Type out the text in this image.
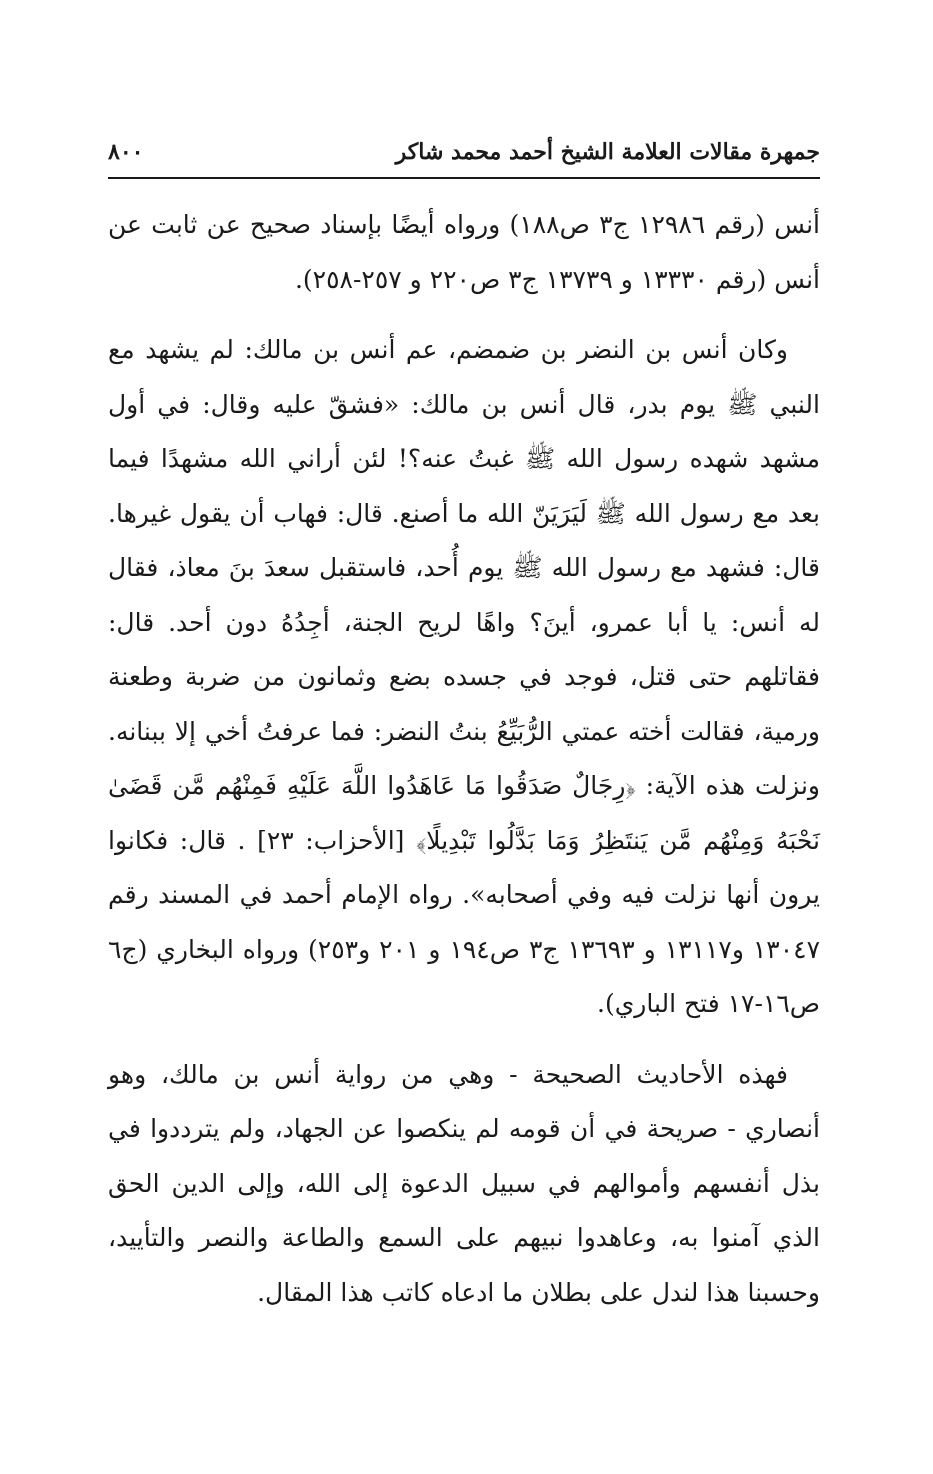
جمهرة مقالات العلامة الشيخ أحمد محمد شاكر
٨٠٠

أنس (رقم ١٢٩٨٦ ج٣ ص١٨٨) ورواه أيضًا بإسناد صحيح عن ثابت عن أنس (رقم ١٣٣٣٠ و ١٣٧٣٩ ج٣ ص٢٢٠ و ٢٥٧-٢٥٨).

وكان أنس بن النضر بن ضمضم، عم أنس بن مالك: لم يشهد مع النبي ﷺ يوم بدر، قال أنس بن مالك: «فشقّ عليه وقال: في أول مشهد شهده رسول الله ﷺ غبتُ عنه؟! لئن أراني الله مشهدًا فيما بعد مع رسول الله ﷺ لَيَرَيَنّ الله ما أصنع. قال: فهاب أن يقول غيرها. قال: فشهد مع رسول الله ﷺ يوم أُحد، فاستقبل سعدَ بنَ معاذ، فقال له أنس: يا أبا عمرو، أينَ؟ واهًا لريح الجنة، أجِدُهُ دون أحد. قال: فقاتلهم حتى قتل، فوجد في جسده بضع وثمانون من ضربة وطعنة ورمية، فقالت أخته عمتي الرُّبَيِّعُ بنتُ النضر: فما عرفتُ أخي إلا ببنانه. ونزلت هذه الآية: ﴿رِجَالٌ صَدَقُوا مَا عَاهَدُوا اللَّهَ عَلَيْهِ فَمِنْهُم مَّن قَضَىٰ نَحْبَهُ وَمِنْهُم مَّن يَنتَظِرُ وَمَا بَدَّلُوا تَبْدِيلًا﴾ [الأحزاب: ٢٣] . قال: فكانوا يرون أنها نزلت فيه وفي أصحابه». رواه الإمام أحمد في المسند رقم ١٣٠٤٧ و١٣١١٧ و ١٣٦٩٣ ج٣ ص١٩٤ و ٢٠١ و٢٥٣) ورواه البخاري (ج٦ ص١٦-١٧ فتح الباري).

فهذه الأحاديث الصحيحة - وهي من رواية أنس بن مالك، وهو أنصاري - صريحة في أن قومه لم ينكصوا عن الجهاد، ولم يترددوا في بذل أنفسهم وأموالهم في سبيل الدعوة إلى الله، وإلى الدين الحق الذي آمنوا به، وعاهدوا نبيهم على السمع والطاعة والنصر والتأييد، وحسبنا هذا لندل على بطلان ما ادعاه كاتب هذا المقال.
